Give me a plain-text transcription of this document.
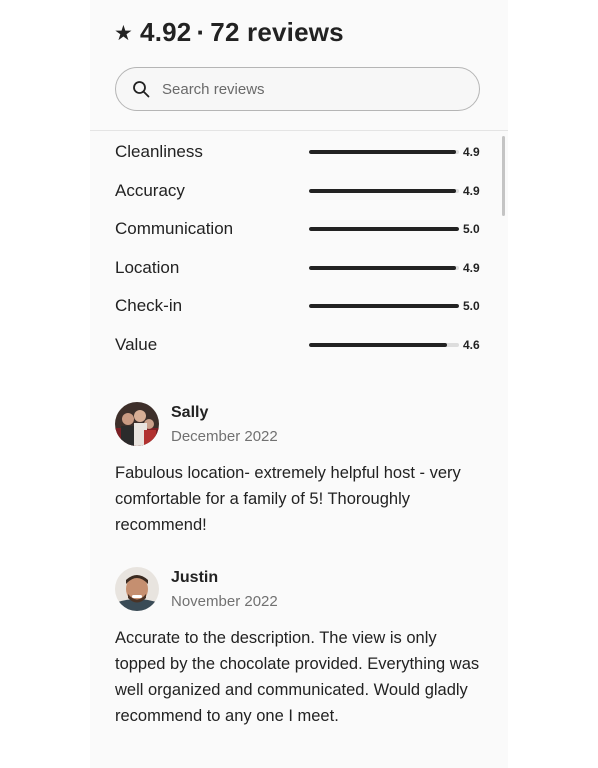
★ 4.92 · 72 reviews
Search reviews
Cleanliness	4.9
Accuracy	4.9
Communication	5.0
Location	4.9
Check-in	5.0
Value	4.6
Sally
December 2022
Fabulous location- extremely helpful host - very comfortable for a family of 5! Thoroughly recommend!
Justin
November 2022
Accurate to the description. The view is only topped by the chocolate provided. Everything was well organized and communicated. Would gladly recommend to any one I meet.
